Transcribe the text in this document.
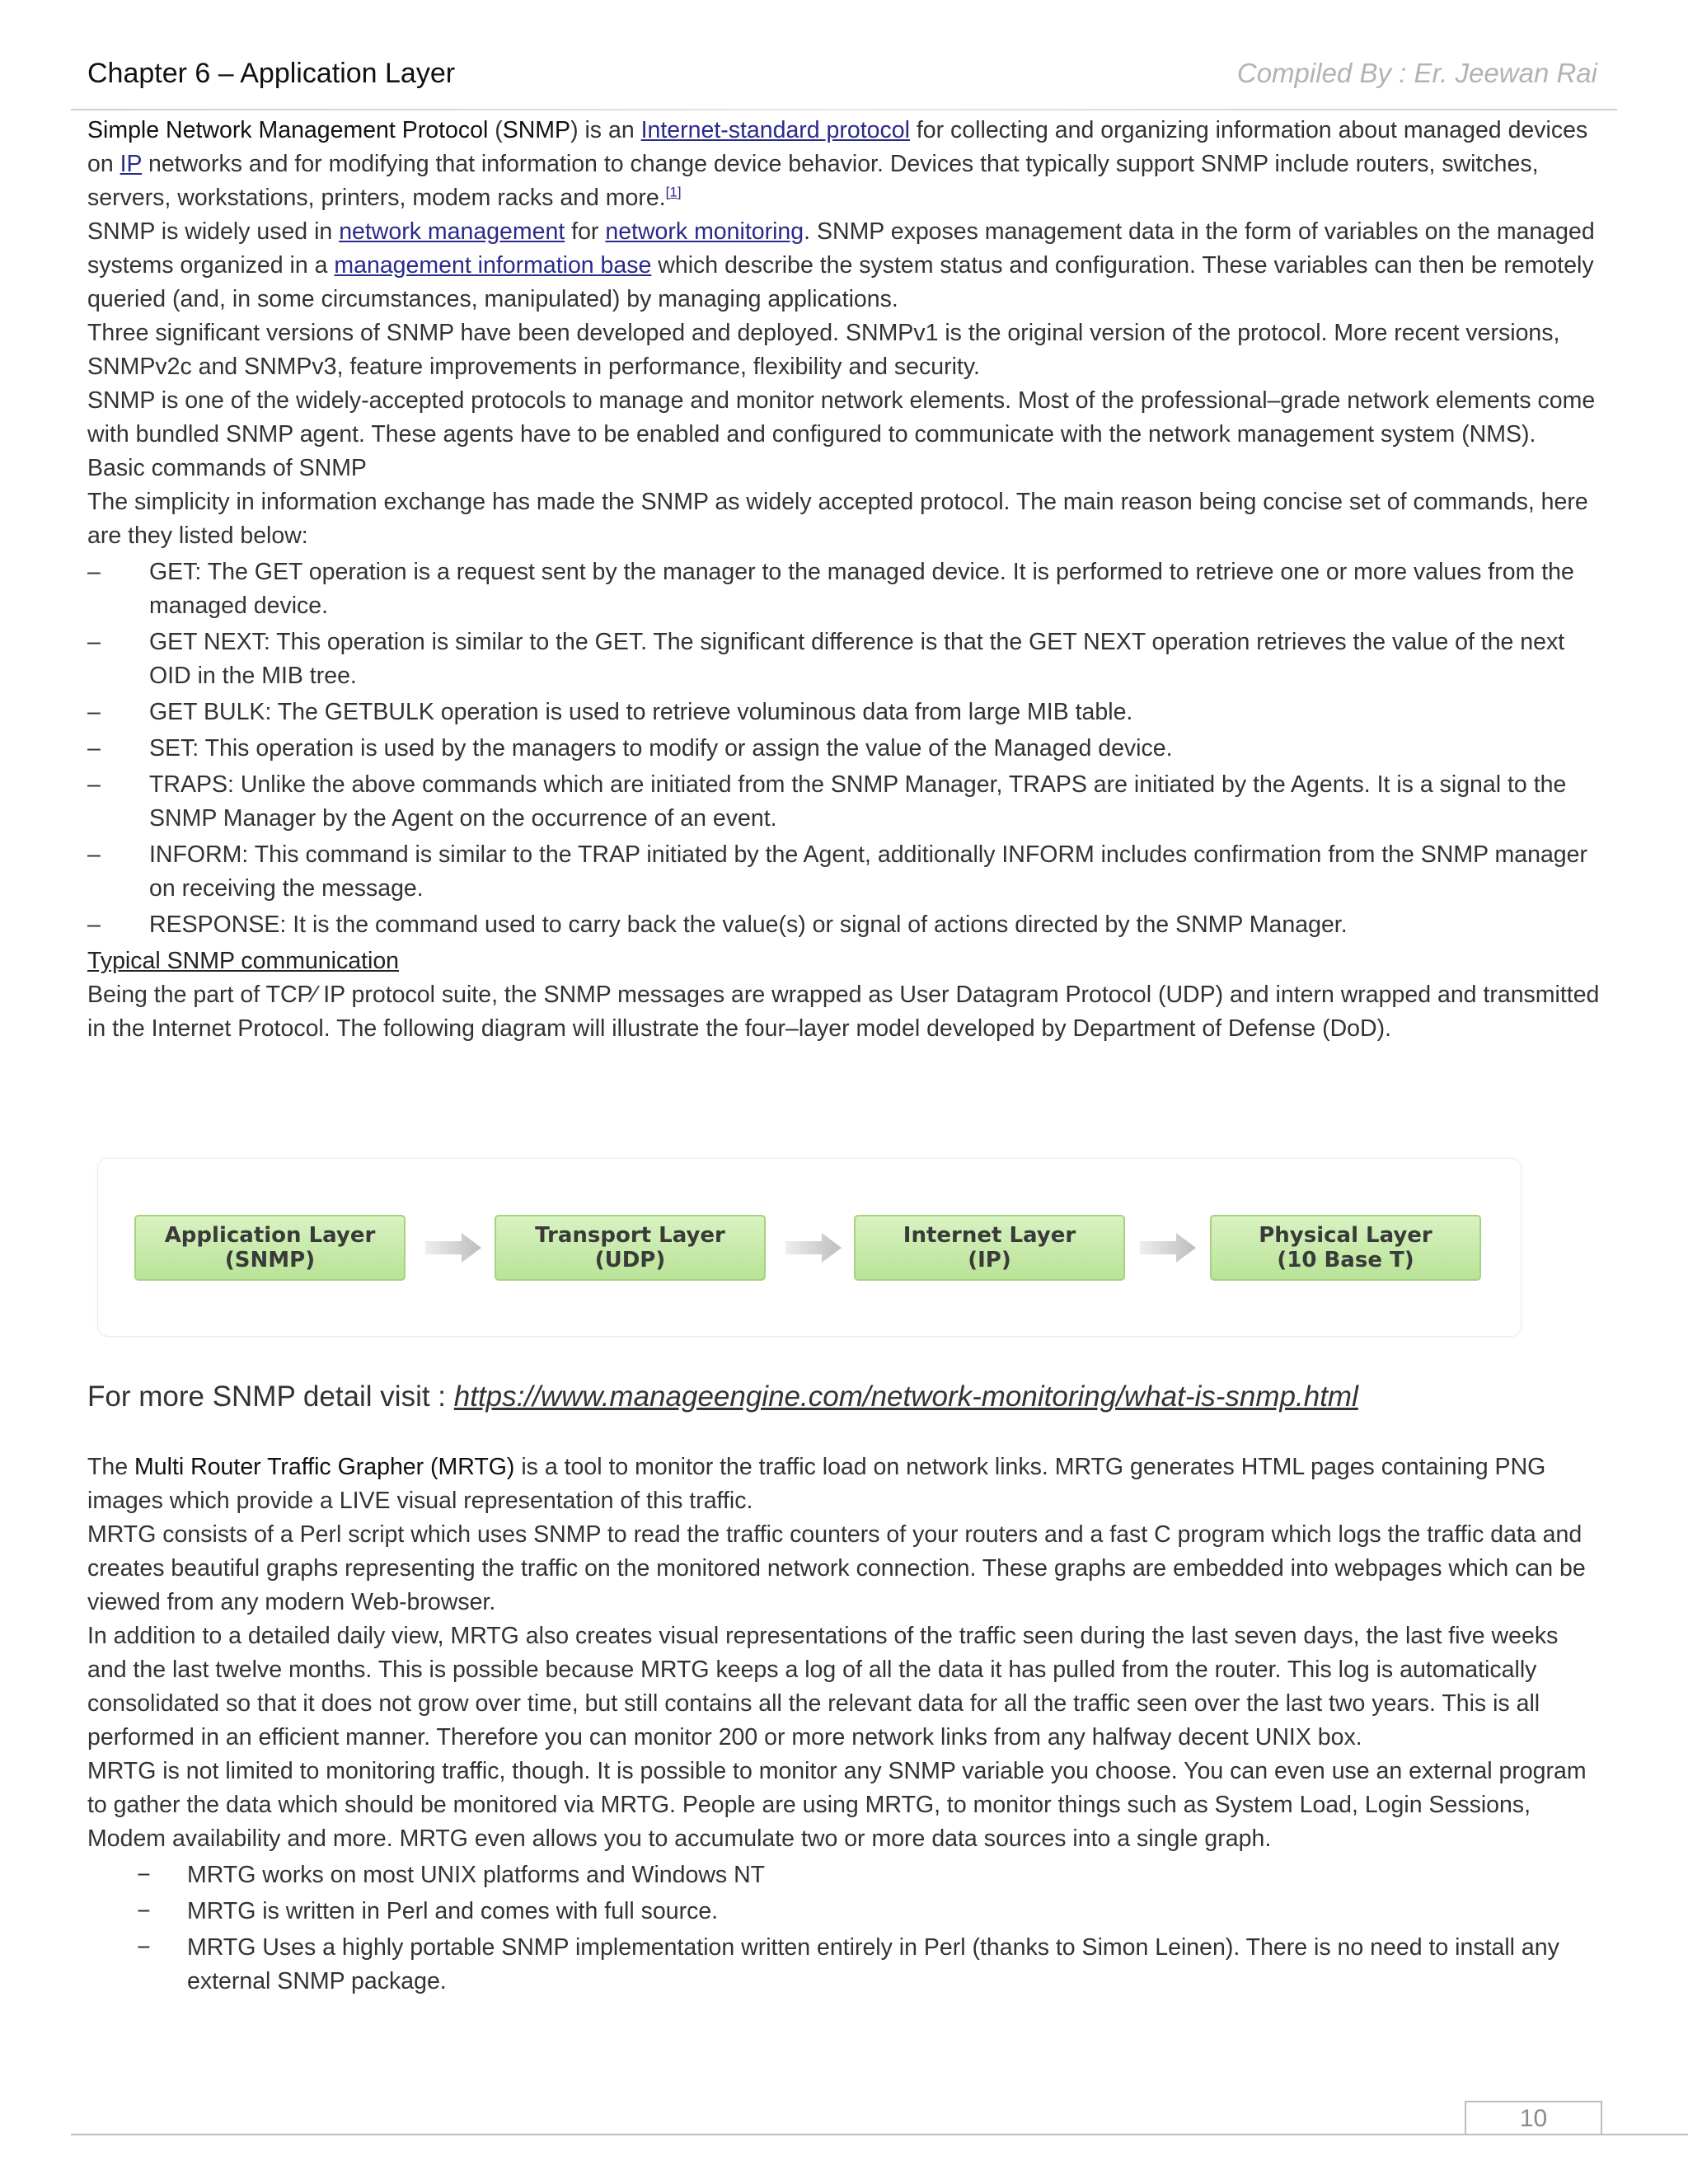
Chapter 6 – Application Layer	Compiled By : Er. Jeewan Rai

Simple Network Management Protocol (SNMP) is an Internet-standard protocol for collecting and organizing information about managed devices on IP networks and for modifying that information to change device behavior. Devices that typically support SNMP include routers, switches, servers, workstations, printers, modem racks and more.[1]

SNMP is widely used in network management for network monitoring. SNMP exposes management data in the form of variables on the managed systems organized in a management information base which describe the system status and configuration. These variables can then be remotely queried (and, in some circumstances, manipulated) by managing applications.

Three significant versions of SNMP have been developed and deployed. SNMPv1 is the original version of the protocol. More recent versions, SNMPv2c and SNMPv3, feature improvements in performance, flexibility and security.

SNMP is one of the widely-accepted protocols to manage and monitor network elements. Most of the professional–grade network elements come with bundled SNMP agent. These agents have to be enabled and configured to communicate with the network management system (NMS).

Basic commands of SNMP

The simplicity in information exchange has made the SNMP as widely accepted protocol. The main reason being concise set of commands, here are they listed below:

–	GET: The GET operation is a request sent by the manager to the managed device. It is performed to retrieve one or more values from the managed device.
–	GET NEXT: This operation is similar to the GET. The significant difference is that the GET NEXT operation retrieves the value of the next OID in the MIB tree.
–	GET BULK: The GETBULK operation is used to retrieve voluminous data from large MIB table.
–	SET: This operation is used by the managers to modify or assign the value of the Managed device.
–	TRAPS: Unlike the above commands which are initiated from the SNMP Manager, TRAPS are initiated by the Agents. It is a signal to the SNMP Manager by the Agent on the occurrence of an event.
–	INFORM: This command is similar to the TRAP initiated by the Agent, additionally INFORM includes confirmation from the SNMP manager on receiving the message.
–	RESPONSE: It is the command used to carry back the value(s) or signal of actions directed by the SNMP Manager.

Typical SNMP communication

Being the part of TCP⁄ IP protocol suite, the SNMP messages are wrapped as User Datagram Protocol (UDP) and intern wrapped and transmitted in the Internet Protocol. The following diagram will illustrate the four–layer model developed by Department of Defense (DoD).

Application Layer
(SNMP)
Transport Layer
(UDP)
Internet Layer
(IP)
Physical Layer
(10 Base T)
For more SNMP detail visit : https://www.manageengine.com/network-monitoring/what-is-snmp.html

The Multi Router Traffic Grapher (MRTG) is a tool to monitor the traffic load on network links. MRTG generates HTML pages containing PNG images which provide a LIVE visual representation of this traffic.

MRTG consists of a Perl script which uses SNMP to read the traffic counters of your routers and a fast C program which logs the traffic data and creates beautiful graphs representing the traffic on the monitored network connection. These graphs are embedded into webpages which can be viewed from any modern Web-browser.

In addition to a detailed daily view, MRTG also creates visual representations of the traffic seen during the last seven days, the last five weeks and the last twelve months. This is possible because MRTG keeps a log of all the data it has pulled from the router. This log is automatically consolidated so that it does not grow over time, but still contains all the relevant data for all the traffic seen over the last two years. This is all performed in an efficient manner. Therefore you can monitor 200 or more network links from any halfway decent UNIX box.

MRTG is not limited to monitoring traffic, though. It is possible to monitor any SNMP variable you choose. You can even use an external program to gather the data which should be monitored via MRTG. People are using MRTG, to monitor things such as System Load, Login Sessions, Modem availability and more. MRTG even allows you to accumulate two or more data sources into a single graph.

−	MRTG works on most UNIX platforms and Windows NT
−	MRTG is written in Perl and comes with full source.
−	MRTG Uses a highly portable SNMP implementation written entirely in Perl (thanks to Simon Leinen). There is no need to install any external SNMP package.
10
